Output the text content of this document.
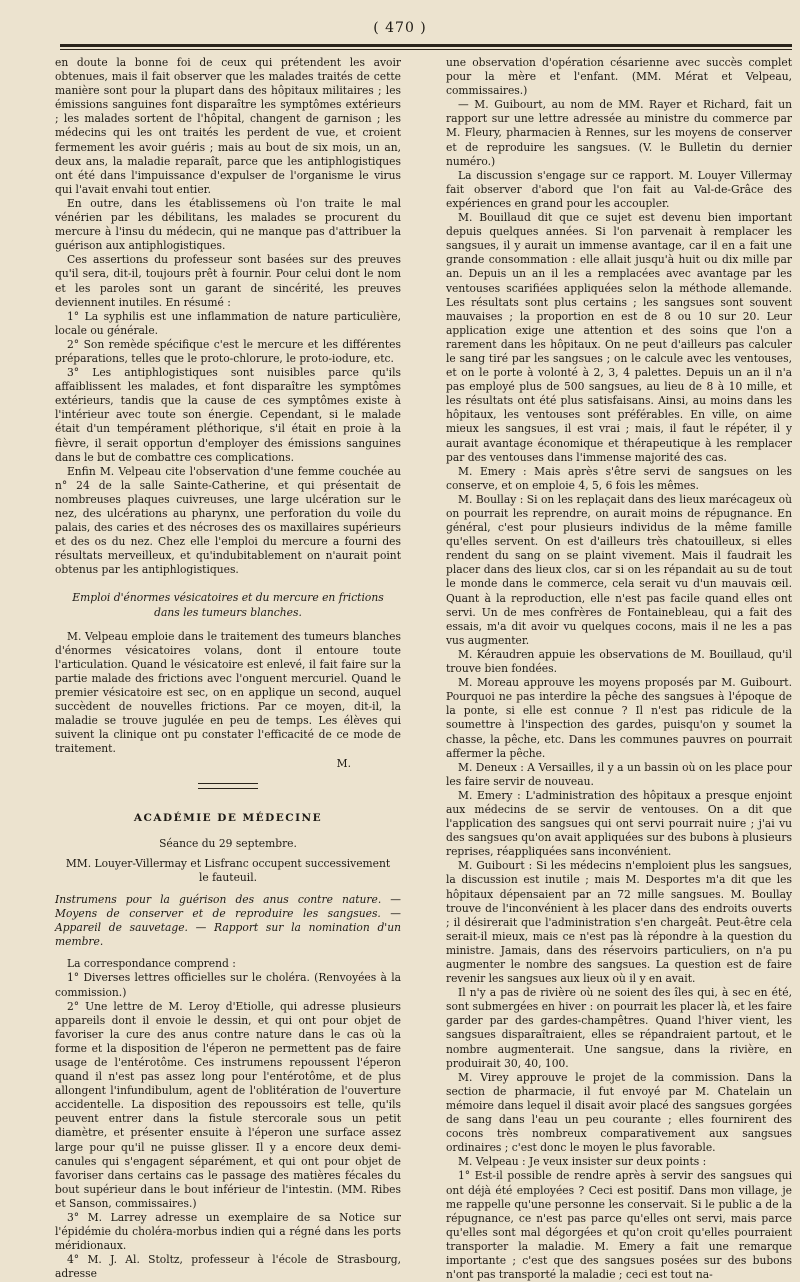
( 470 )

en doute la bonne foi de ceux qui prétendent les avoir obtenues, mais il fait observer que les malades traités de cette manière sont pour la plupart dans des hôpitaux militaires ; les émissions sanguines font disparaître les symptômes extérieurs ; les malades sortent de l'hôpital, changent de garnison ; les médecins qui les ont traités les perdent de vue, et croient fermement les avoir guéris ; mais au bout de six mois, un an, deux ans, la maladie reparaît, parce que les antiphlogistiques ont été dans l'impuissance d'expulser de l'organisme le virus qui l'avait envahi tout entier.

En outre, dans les établissemens où l'on traite le mal vénérien par les débilitans, les malades se procurent du mercure à l'insu du médecin, qui ne manque pas d'attribuer la guérison aux antiphlogistiques.

Ces assertions du professeur sont basées sur des preuves qu'il sera, dit-il, toujours prêt à fournir. Pour celui dont le nom et les paroles sont un garant de sincérité, les preuves deviennent inutiles. En résumé :

1° La syphilis est une inflammation de nature particulière, locale ou générale.

2° Son remède spécifique c'est le mercure et les différentes préparations, telles que le proto-chlorure, le proto-iodure, etc.

3° Les antiphlogistiques sont nuisibles parce qu'ils affaiblissent les malades, et font disparaître les symptômes extérieurs, tandis que la cause de ces symptômes existe à l'intérieur avec toute son énergie. Cependant, si le malade était d'un tempérament pléthorique, s'il était en proie à la fièvre, il serait opportun d'employer des émissions sanguines dans le but de combattre ces complications.

Enfin M. Velpeau cite l'observation d'une femme couchée au n° 24 de la salle Sainte-Catherine, et qui présentait de nombreuses plaques cuivreuses, une large ulcération sur le nez, des ulcérations au pharynx, une perforation du voile du palais, des caries et des nécroses des os maxillaires supérieurs et des os du nez. Chez elle l'emploi du mercure a fourni des résultats merveilleux, et qu'indubitablement on n'aurait point obtenus par les antiphlogistiques.

Emploi d'énormes vésicatoires et du mercure en frictions dans les tumeurs blanches.

M. Velpeau emploie dans le traitement des tumeurs blanches d'énormes vésicatoires volans, dont il entoure toute l'articulation. Quand le vésicatoire est enlevé, il fait faire sur la partie malade des frictions avec l'onguent mercuriel. Quand le premier vésicatoire est sec, on en applique un second, auquel succèdent de nouvelles frictions. Par ce moyen, dit-il, la maladie se trouve jugulée en peu de temps. Les élèves qui suivent la clinique ont pu constater l'efficacité de ce mode de traitement.

M.

ACADÉMIE DE MÉDECINE

Séance du 29 septembre.

MM. Louyer-Villermay et Lisfranc occupent successivement le fauteuil.

Instrumens pour la guérison des anus contre nature. — Moyens de conserver et de reproduire les sangsues. — Appareil de sauvetage. — Rapport sur la nomination d'un membre.

La correspondance comprend :

1° Diverses lettres officielles sur le choléra. (Renvoyées à la commission.)

2° Une lettre de M. Leroy d'Etiolle, qui adresse plusieurs appareils dont il envoie le dessin, et qui ont pour objet de favoriser la cure des anus contre nature dans le cas où la forme et la disposition de l'éperon ne permettent pas de faire usage de l'entérotôme. Ces instrumens repoussent l'éperon quand il n'est pas assez long pour l'entérotôme, et de plus allongent l'infundibulum, agent de l'oblitération de l'ouverture accidentelle. La disposition des repoussoirs est telle, qu'ils peuvent entrer dans la fistule stercorale sous un petit diamètre, et présenter ensuite à l'éperon une surface assez large pour qu'il ne puisse glisser. Il y a encore deux demi-canules qui s'engagent séparément, et qui ont pour objet de favoriser dans certains cas le passage des matières fécales du bout supérieur dans le bout inférieur de l'intestin. (MM. Ribes et Sanson, commissaires.)

3° M. Larrey adresse un exemplaire de sa Notice sur l'épidémie du choléra-morbus indien qui a régné dans les ports méridionaux.

4° M. J. Al. Stoltz, professeur à l'école de Strasbourg, adresse

une observation d'opération césarienne avec succès complet pour la mère et l'enfant. (MM. Mérat et Velpeau, commissaires.)

— M. Guibourt, au nom de MM. Rayer et Richard, fait un rapport sur une lettre adressée au ministre du commerce par M. Fleury, pharmacien à Rennes, sur les moyens de conserver et de reproduire les sangsues. (V. le Bulletin du dernier numéro.)

La discussion s'engage sur ce rapport. M. Louyer Villermay fait observer d'abord que l'on fait au Val-de-Grâce des expériences en grand pour les accoupler.

M. Bouillaud dit que ce sujet est devenu bien important depuis quelques années. Si l'on parvenait à remplacer les sangsues, il y aurait un immense avantage, car il en a fait une grande consommation : elle allait jusqu'à huit ou dix mille par an. Depuis un an il les a remplacées avec avantage par les ventouses scarifiées appliquées selon la méthode allemande. Les résultats sont plus certains ; les sangsues sont souvent mauvaises ; la proportion en est de 8 ou 10 sur 20. Leur application exige une attention et des soins que l'on a rarement dans les hôpitaux. On ne peut d'ailleurs pas calculer le sang tiré par les sangsues ; on le calcule avec les ventouses, et on le porte à volonté à 2, 3, 4 palettes. Depuis un an il n'a pas employé plus de 500 sangsues, au lieu de 8 à 10 mille, et les résultats ont été plus satisfaisans. Ainsi, au moins dans les hôpitaux, les ventouses sont préférables. En ville, on aime mieux les sangsues, il est vrai ; mais, il faut le répéter, il y aurait avantage économique et thérapeutique à les remplacer par des ventouses dans l'immense majorité des cas.

M. Emery : Mais après s'être servi de sangsues on les conserve, et on emploie 4, 5, 6 fois les mêmes.

M. Boullay : Si on les replaçait dans des lieux marécageux où on pourrait les reprendre, on aurait moins de répugnance. En général, c'est pour plusieurs individus de la même famille qu'elles servent. On est d'ailleurs très chatouilleux, si elles rendent du sang on se plaint vivement. Mais il faudrait les placer dans des lieux clos, car si on les répandait au su de tout le monde dans le commerce, cela serait vu d'un mauvais œil. Quant à la reproduction, elle n'est pas facile quand elles ont servi. Un de mes confrères de Fontainebleau, qui a fait des essais, m'a dit avoir vu quelques cocons, mais il ne les a pas vus augmenter.

M. Kéraudren appuie les observations de M. Bouillaud, qu'il trouve bien fondées.

M. Moreau approuve les moyens proposés par M. Guibourt. Pourquoi ne pas interdire la pêche des sangsues à l'époque de la ponte, si elle est connue ? Il n'est pas ridicule de la soumettre à l'inspection des gardes, puisqu'on y soumet la chasse, la pêche, etc. Dans les communes pauvres on pourrait affermer la pêche.

M. Deneux : A Versailles, il y a un bassin où on les place pour les faire servir de nouveau.

M. Emery : L'administration des hôpitaux a presque enjoint aux médecins de se servir de ventouses. On a dit que l'application des sangsues qui ont servi pourrait nuire ; j'ai vu des sangsues qu'on avait appliquées sur des bubons à plusieurs reprises, réappliquées sans inconvénient.

M. Guibourt : Si les médecins n'emploient plus les sangsues, la discussion est inutile ; mais M. Desportes m'a dit que les hôpitaux dépensaient par an 72 mille sangsues. M. Boullay trouve de l'inconvénient à les placer dans des endroits ouverts ; il désirerait que l'administration s'en chargeât. Peut-être cela serait-il mieux, mais ce n'est pas là répondre à la question du ministre. Jamais, dans des réservoirs particuliers, on n'a pu augmenter le nombre des sangsues. La question est de faire revenir les sangsues aux lieux où il y en avait.

Il n'y a pas de rivière où ne soient des îles qui, à sec en été, sont submergées en hiver : on pourrait les placer là, et les faire garder par des gardes-champêtres. Quand l'hiver vient, les sangsues disparaîtraient, elles se répandraient partout, et le nombre augmenterait. Une sangsue, dans la rivière, en produirait 30, 40, 100.

M. Virey approuve le projet de la commission. Dans la section de pharmacie, il fut envoyé par M. Chatelain un mémoire dans lequel il disait avoir placé des sangsues gorgées de sang dans l'eau un peu courante ; elles fournirent des cocons très nombreux comparativement aux sangsues ordinaires ; c'est donc le moyen le plus favorable.

M. Velpeau : Je veux insister sur deux points :

1° Est-il possible de rendre après à servir des sangsues qui ont déjà été employées ? Ceci est positif. Dans mon village, je me rappelle qu'une personne les conservait. Si le public a de la répugnance, ce n'est pas parce qu'elles ont servi, mais parce qu'elles sont mal dégorgées et qu'on croit qu'elles pourraient transporter la maladie. M. Emery a fait une remarque importante ; c'est que des sangsues posées sur des bubons n'ont pas transporté la maladie ; ceci est tout na-
